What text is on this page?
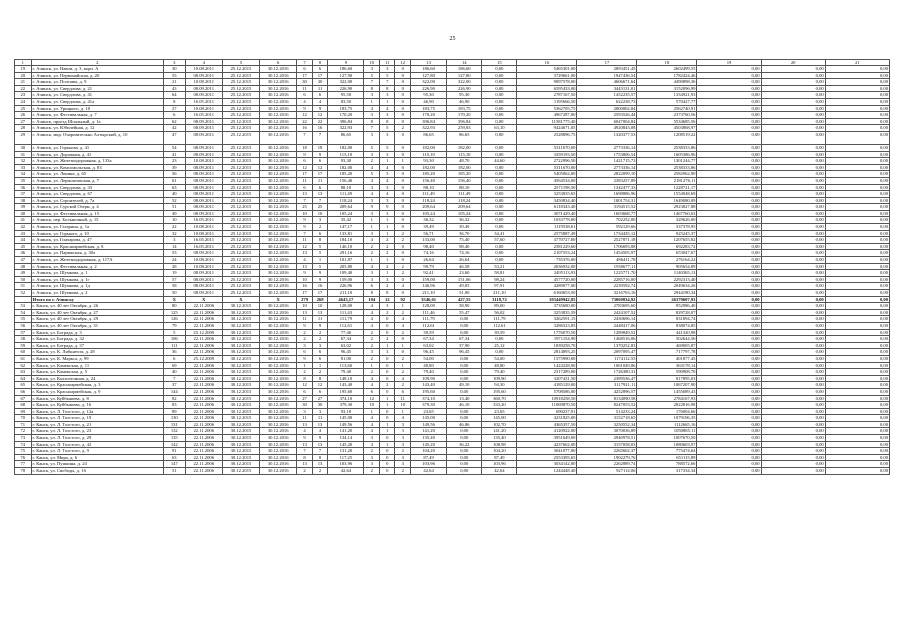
25
1	2	3	4	5	6	7	8	9	10	11	12	13	14	15	16	17	18	19	20	21
19	г. Ачинск, ул. Нaвои, д. 3, корп. А	30	10.08.2011	25.12.2015	30.12.2016	6	6	186,60	3	3	0	186,60	186,60	0,00	5465301,00	2893451,45	2602499,55	0,00	0,00	0,00
20	г. Ачинск, ул. Первомайская, д. 20	55	08.09.2011	25.12.2015	30.12.2016	17	17	127,90	5	5	0	127,80	127,80	0,00	3729661,00	1947436,54	1782424,46	0,00	0,00	0,00
21	г. Ачинск, ул. Полтавы, д. 9	21	10.08.2011	25.12.2015	30.12.2016	30	30	322,00	7	7	0	322,00	322,00	0,00	9097578,00	4606671,64	4490898,36	0,00	0,00	0,00
22	г. Ачинск, ул. Свердлова, д. 21	43	08.09.2011	25.12.2015	30.12.2016	11	11	226,90	8	8	0	226,90	226,90	0,00	6595433,00	3443131,01	3152096,99	0,00	0,00	0,00
23	г. Ачинск, ул. Свердлова, д. 41	64	08.09.2011	25.12.2015	30.12.2016	6	6	95,50	3	3	0	95,30	95,30	0,00	2787167,50	1452235,57	1334921,93	0,00	0,00	0,00
24	г. Ачинск, ул. Свердлова, д. 41а	8	16.05.2011	25.12.2015	30.12.2016	4	4	83,50	1	1	0	46,90	46,90	0,00	1195666,50	622238,73	570427,77	0,00	0,00	0,00
25	г. Ачинск, ул. Урицкого, д. 18	27	10.08.2011	25.12.2015	30.12.2016	9	9	183,75	4	4	0	183,75	183,75	0,00	5362705,75	2800002,84	2562740,91	0,00	0,00	0,00
26	г. Ачинск, ул. Фестивальная, д. 7	6	16.05.2011	25.12.2015	30.12.2016	12	12	170,20	3	3	0	170,20	170,20	0,00	4967287,00	2593526,44	2373760,56	0,00	0,00	0,00
27	г. Ачинск, проезд Шпальный, д. 1а	62	08.09.2011	25.12.2015	30.12.2016	22	22	396,84	8	8	0	396,84	396,84	0,00	11581775,40	6047004,84	5534685,56	0,00	0,00	0,00
28	г. Ачинск, ул. Юбилейная, д. 12	42	08.09.2011	25.12.2015	30.12.2016	16	16	322,93	7	5	2	322,93	259,83	63,10	9424671,05	4920843,08	4503868,97	0,00	0,00	0,00
29	г. Ачинск, мкр. Очаровательно Алтырский, д. 10	47	08.09.2011	25.12.2015	30.12.2016	7	7	86,65	3	3	0	86,65	86,65	0,00	2528896,75	1320377,53	1208519,22	0,00	0,00	0,00
30	г. Ачинск, ул. Гоpькoвa, д. 41	54	08.09.2011	25.12.2015	30.12.2016	18	18	182,00	5	5	0	182,00	182,00	0,00	5311670,00	2773336,14	2538333,86	0,00	0,00	0,00
31	г. Ачинск, ул. Дорожная, д. 41	41	08.09.2011	25.12.2015	30.12.2016	9	9	115,10	3	3	0	115,10	115,10	0,00	3359193,50	1753806,54	1605386,96	0,00	0,00	0,00
32	г. Ачинск, ул. Железнодорожная, д. 133а	23	10.08.2011	25.12.2015	30.12.2016	6	6	93,30	2	1	1	93,30	48,70	44,60	2722996,50	1421715,73	1301244,77	0,00	0,00	0,00
33	г. Ачинск, ул. Комсомольская, д. 83	39	08.09.2011	25.12.2015	30.12.2016	12	12	182,00	4	4	0	182,00	182,00	0,00	5311670,00	2773336,14	2538333,86	0,00	0,00	0,00
34	г. Ачинск, ул. Ленина, д. 65	56	08.09.2011	25.12.2015	30.12.2016	17	17	185,20	5	5	0	185,20	185,20	0,00	5405062,00	2822099,10	2582962,90	0,00	0,00	0,00
35	г. Ачинск, ул. Лермонтовская, д. 7	61	08.09.2011	25.12.2015	30.12.2016	11	11	156,40	4	4	0	156,40	156,40	0,00	4564534,00	2383257,89	2181276,11	0,00	0,00	0,00
36	г. Ачинск, ул. Свердлова, д. 33	63	08.09.2011	25.12.2015	30.12.2016	6	6	88,10	3	3	0	88,10	88,10	0,00	2571198,50	1342477,33	1228721,17	0,00	0,00	0,00
37	г. Ачинск, ул. Свердлова, д. 67	40	08.09.2011	25.12.2015	30.12.2016	13	13	111,49	4	4	0	111,49	111,49	0,00	3253835,65	1698886,96	1554948,69	0,00	0,00	0,00
38	г. Ачинск, ул. Строителей, д. 7а	52	08.09.2011	25.12.2015	30.12.2016	7	7	118,24	3	3	0	118,24	118,24	0,00	3450834,40	1801754,31	1649080,09	0,00	0,00	0,00
39	г. Ачинск, ул. Сурской Озерн, д. 4	51	08.09.2011	25.12.2015	30.12.2016	25	25	209,64	9	9	0	209,64	209,64	0,00	6118343,40	3194515,52	2923827,88	0,00	0,00	0,00
40	г. Ачинск, ул. Фестивальная, д. 15	49	08.09.2011	25.12.2015	30.12.2016	10	10	105,24	3	3	0	105,24	105,24	0,00	3071429,40	1603668,77	1467760,63	0,00	0,00	0,00
41	г. Ачинск, пер. Больничный, д. 15	10	16.05.2011	25.12.2015	30.12.2016	9	3	35,42	1	1	0	36,32	36,32	0,00	1033778,00	702252,00	329626,00	0,00	0,00	0,00
42	г. Ачинск, ул. Гагарина, д. 1а	22	10.08.2011	25.12.2015	30.12.2016	9	2	147,17	1	1	0	39,49	39,49	0,00	1119538,61	592129,66	337378,95	0,00	0,00	0,00
43	г. Ачинск, ул. Горького, д. 10	32	10.08.2011	25.12.2015	30.12.2016	7	6	133,81	3	1	2	56,71	36,70	34,41	2575887,49	1734435,12	925245,37	0,00	0,00	0,00
44	г. Ачинск, ул. Гончарова, д. 47	3	16.05.2011	25.12.2015	30.12.2016	11	8	184,10	4	2	2	133,00	75,40	57,60	3770727,00	2527871,18	1207655,82	0,00	0,00	0,00
45	г. Ачинск, ул. Красноармейская, д. 8	14	16.05.2011	25.12.2015	30.12.2016	12	5	146,10	2	2	0	98,40	98,40	0,00	2581229,60	1706693,88	692283,72	0,00	0,00	0,00
46	г. Ачинск, ул. Парижская, д. 30а	53	08.09.2011	25.12.2015	30.12.2016	13	5	291,16	2	2	0	74,16	74,16	0,00	2107553,24	1454505,97	653047,67	0,00	0,00	0,00
47	г. Ачинск, ул. Железнодорожная, д. 117А	24	10.08.2011	25.12.2015	30.12.2016	4	1	101,87	1	1	0	26,64	26,64	0,00	735376,00	486411,78	276164,22	0,00	0,00	0,00
48	г. Ачинск, ул. Фестивальная, д. 2	28	10.08.2011	25.12.2015	30.12.2016	13	5	205,80	4	2	2	99,79	46,58	53,21	2636932,00	1930677,11	905654,89	0,00	0,00	0,00
49	г. Ачинск, ул. Шумкова, д. 1	19	08.09.2011	25.12.2015	30.12.2016	9	9	109,40	3	1	2	92,41	23,60	58,81	2495113,93	1225771,70	1140365,13	0,00	0,00	0,00
50	г. Ачинск, ул. Шумкова, д. 1г	57	08.09.2011	25.12.2015	30.12.2016	10	9	159,00	3	3	0	159,00	151,66	98,24	4577720,00	2285716,00	2292313,40	0,00	0,00	0,00
51	г. Ачинск, ул. Шумкова, д. 1д	58	08.09.2011	25.12.2015	30.12.2016	16	16	226,96	6	2	4	146,96	49,05	97,91	4289077,00	2239592,74	2049634,26	0,00	0,00	0,00
52	г. Ачинск, ул. Шумкова, д. 2	50	08.09.2011	25.12.2015	30.12.2016	17	17	211,10	8	8	0	211,10	51,00	211,10	6160653,50	3216763,16	2944180,34	0,00	0,00	0,00
	Итого по г. Ачинску	X	X	X	X	279	268	4643,17	104	12	92	3546,61	427,55	3118,72	103449942,85	73069834,92	26379607,93	0,00	0,00	0,00
53	г. Канск, ул. 40 лет Октября, д. 26	80	22.11.2006	30.12.2015	30.12.2016	10	10	128,00	4	3	1	128,00	38,90	89,00	3735680,00	2783695,60	952986,40	0,00	0,00	0,00
54	г. Канск, ул. 40 лет Октября, д. 27	125	22.11.2006	30.12.2015	30.12.2016	13	13	111,43	4	2	2	111,46	55,47	56,02	3253835,59	2424107,52	829728,07	0,00	0,00	0,00
55	г. Канск, ул. 40 лет Октября, д. 29	126	22.11.2006	30.12.2015	30.12.2016	11	11	111,79	4	0	4	111,79	0,00	111,79	3262591,15	2430696,14	831894,74	0,00	0,00	0,00
56	г. Канск, ул. 40 лет Октября, д. 31	79	22.11.2006	30.12.2015	30.12.2016	9	9	112,61	4	0	4	112,61	0,00	112,61	3286523,85	2448417,06	838074,85	0,00	0,00	0,00
57	г. Канск, ул. Бограда, д. 3	5	25.12.2009	30.12.2015	30.12.2016	2	2	77,40	2	0	2	39,59	0,00	39,59	1776070,50	1289849,52	441320,98	0,00	0,00	0,00
58	г. Канск, ул. Бограда, д. 32	106	22.11.2006	30.12.2015	30.12.2016	2	2	67,34	2	2	0	67,34	67,34	0,00	1971154,90	1468516,06	502644,56	0,00	0,00	0,00
59	г. Канск, ул. Бограда, д. 37	111	22.11.2006	30.12.2015	30.12.2016	3	3	63,02	2	1	1	63,02	37,90	25,12	1839258,70	1370252,83	469005,87	0,00	0,00	0,00
60	г. Канск, ул. К. Либкнехта, д. 28	36	22.11.2006	30.12.2015	30.12.2016	6	6	96,45	3	3	0	96,45	96,45	0,00	2814893,25	2097095,47	717797,78	0,00	0,00	0,00
61	г. Канск, ул. К. Маркса, д. 99	6	25.12.2009	30.12.2015	30.12.2016	9	6	81,00	2	0	2	54,00	0,00	54,00	1575990,00	1174112,55	401877,45	0,00	0,00	0,00
62	г. Канск, ул. Каменская, д. 11	69	22.11.2006	30.12.2015	30.12.2016	1	1	113,60	1	0	1	48,80	0,00	48,80	1424228,00	1061049,86	363178,14	0,00	0,00	0,00
63	г. Канск, ул. Каменская, д. 5	40	22.11.2006	30.12.2015	30.12.2016	2	2	79,40	2	0	2	79,40	0,00	79,40	2317289,00	1726380,31	590908,70	0,00	0,00	0,00
64	г. Канск, ул. Колхозтонная, д. 24	7	22.11.2006	30.12.2015	30.12.2016	8	8	148,10	4	0	4	109,90	0,00	109,90	3207431,50	2389536,47	817895,03	0,00	0,00	0,00
65	г. Канск, ул. Красноармейская, д. 3	37	22.11.2006	30.12.2015	30.12.2016	12	12	143,40	4	2	2	143,40	49,10	94,30	4185129,00	3117921,11	1067207,90	0,00	0,00	0,00
66	г. Канск, ул. Красноармейская, д. 9	144	22.11.2006	30.12.2015	30.12.2016	6	6	195,60	6	0	6	195,60	0,00	195,60	5708586,00	4252896,57	1455689,43	0,00	0,00	0,00
67	г. Канск, ул. Куйбышева, д. 8	82	22.11.2006	30.12.2015	30.12.2016	27	27	374,10	12	1	11	374,10	13,40	360,70	10918258,50	8134090,58	2784167,93	0,00	0,00	0,00
68	г. Канск, ул. Куйбышева, д. 16	83	22.11.2006	30.12.2015	30.12.2016	30	30	379,30	10	1	10	379,30	46,10	333,20	11069870,50	8247053,52	2822816,98	0,00	0,00	0,00
69	г. Канск, ул. Л. Толстого, д. 12а	89	22.11.2006	30.12.2015	30.12.2016	3	3	93,18	1	0	1	23,65	0,00	23,65	690237,91	514233,24	176004,66	0,00	0,00	0,00
70	г. Канск, ул. Л. Толстого, д. 19	130	22.11.2006	30.12.2015	30.12.2016	11	11	145,00	4	0	4	145,00	0,00	145,00	4231825,00	3152718,65	1079106,35	0,00	0,00	0,00
71	г. Канск, ул. Л. Толстого, д. 21	131	22.11.2006	30.12.2015	30.12.2016	13	13	149,56	4	1	3	149,56	46,86	102,70	4365357,50	3250552,34	1112665,16	0,00	0,00	0,00
72	г. Канск, ул. Л. Толстого, д. 23	132	22.11.2006	30.12.2015	30.12.2016	4	4	141,20	4	1	3	141,20	0,00	141,20	4120922,00	3070036,89	1050885,11	0,00	0,00	0,00
73	г. Канск, ул. Л. Толстого, д. 29	135	22.11.2006	30.12.2015	30.12.2016	9	9	134,14	3	0	3	135,40	0,00	135,40	3951649,00	2940978,51	1007670,50	0,00	0,00	0,00
74	г. Канск, ул. Л. Толстого, д. 42	142	22.11.2006	30.12.2015	30.12.2016	13	13	145,20	4	1	3	145,20	36,22	108,98	4237662,00	3157058,03	1080603,97	0,00	0,00	0,00
75	г. Канск, ул. Л. Толстого, д. 9	91	22.11.2006	30.12.2015	30.12.2016	7	7	131,20	2	0	2	104,20	0,00	104,20	3041077,00	2265602,37	775474,64	0,00	0,00	0,00
76	г. Канск, ул. Мира, д. 6	63	22.11.2006	30.12.2015	30.12.2016	8	8	117,25	3	0	3	87,49	0,00	87,49	2553395,65	1902279,76	651115,89	0,00	0,00	0,00
77	г. Канск, ул. Пушкина, д. 24	147	22.11.2006	30.12.2015	30.12.2016	13	13	103,96	3	0	3	103,96	0,00	103,96	3034142,00	2262889,74	788572,66	0,00	0,00	0,00
78	г. Канск, ул. Свободы, д. 16	51	22.11.2006	30.12.2015	30.12.2016	2	2	42,64	2	0	2	42,64	0,00	42,64	1244448,40	927114,06	317334,34	0,00	0,00	0,00
